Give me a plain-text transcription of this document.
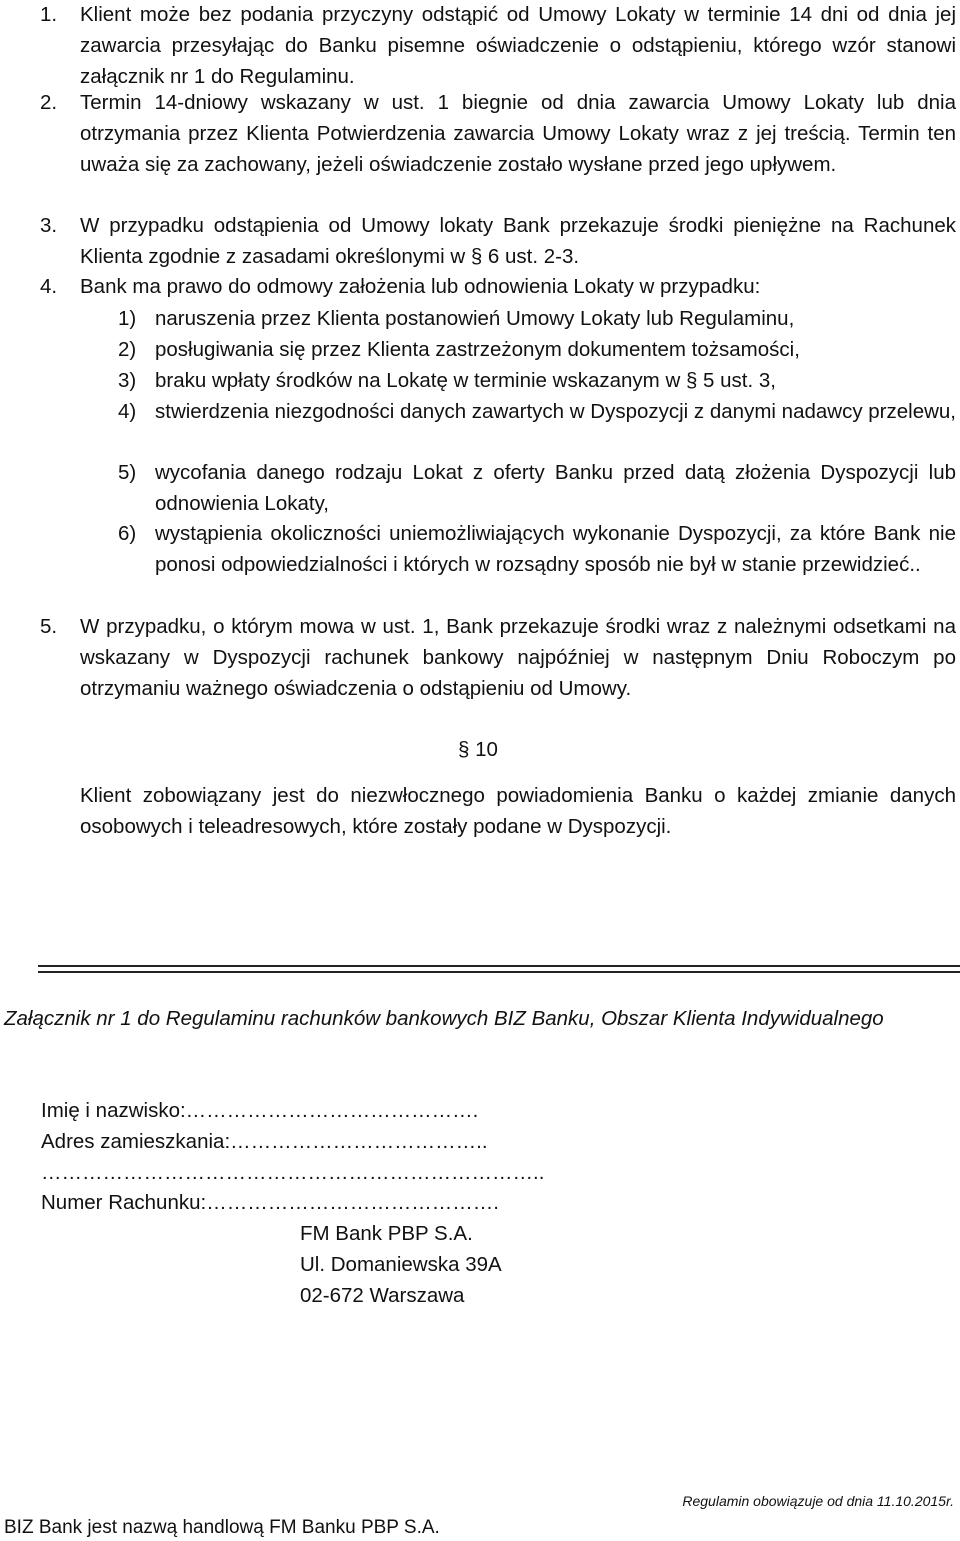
1. Klient może bez podania przyczyny odstąpić od Umowy Lokaty w terminie 14 dni od dnia jej zawarcia przesyłając do Banku pisemne oświadczenie o odstąpieniu, którego wzór stanowi załącznik nr 1 do Regulaminu.

2. Termin 14-dniowy wskazany w ust. 1 biegnie od dnia zawarcia Umowy Lokaty lub dnia otrzymania przez Klienta Potwierdzenia zawarcia Umowy Lokaty wraz z jej treścią. Termin ten uważa się za zachowany, jeżeli oświadczenie zostało wysłane przed jego upływem.

3. W przypadku odstąpienia od Umowy lokaty Bank przekazuje środki pieniężne na Rachunek Klienta zgodnie z zasadami określonymi w § 6 ust. 2-3.

4. Bank ma prawo do odmowy założenia lub odnowienia Lokaty w przypadku:

1) naruszenia przez Klienta postanowień Umowy Lokaty lub Regulaminu,
2) posługiwania się przez Klienta zastrzeżonym dokumentem tożsamości,
3) braku wpłaty środków na Lokatę w terminie wskazanym w § 5 ust. 3,
4) stwierdzenia niezgodności danych zawartych w Dyspozycji z danymi nadawcy przelewu,
5) wycofania danego rodzaju Lokat z oferty Banku przed datą złożenia Dyspozycji lub odnowienia Lokaty,
6) wystąpienia okoliczności uniemożliwiających wykonanie Dyspozycji, za które Bank nie ponosi odpowiedzialności i których w rozsądny sposób nie był w stanie przewidzieć..
5. W przypadku, o którym mowa w ust. 1, Bank przekazuje środki wraz z należnymi odsetkami na wskazany w Dyspozycji rachunek bankowy najpóźniej w następnym Dniu Roboczym po otrzymaniu ważnego oświadczenia o odstąpieniu od Umowy.

§ 10

Klient zobowiązany jest do niezwłocznego powiadomienia Banku o każdej zmianie danych osobowych i teleadresowych, które zostały podane w Dyspozycji.

Załącznik nr 1 do Regulaminu rachunków bankowych BIZ Banku, Obszar Klienta Indywidualnego
Imię i nazwisko:…………………………………….
Adres zamieszkania:………………………………..
………………………………………………………………..
Numer Rachunku:…………………………………….
FM Bank PBP S.A.
Ul. Domaniewska 39A
02-672 Warszawa
Regulamin obowiązuje od dnia 11.10.2015r.
BIZ Bank jest nazwą handlową FM Banku PBP S.A.
